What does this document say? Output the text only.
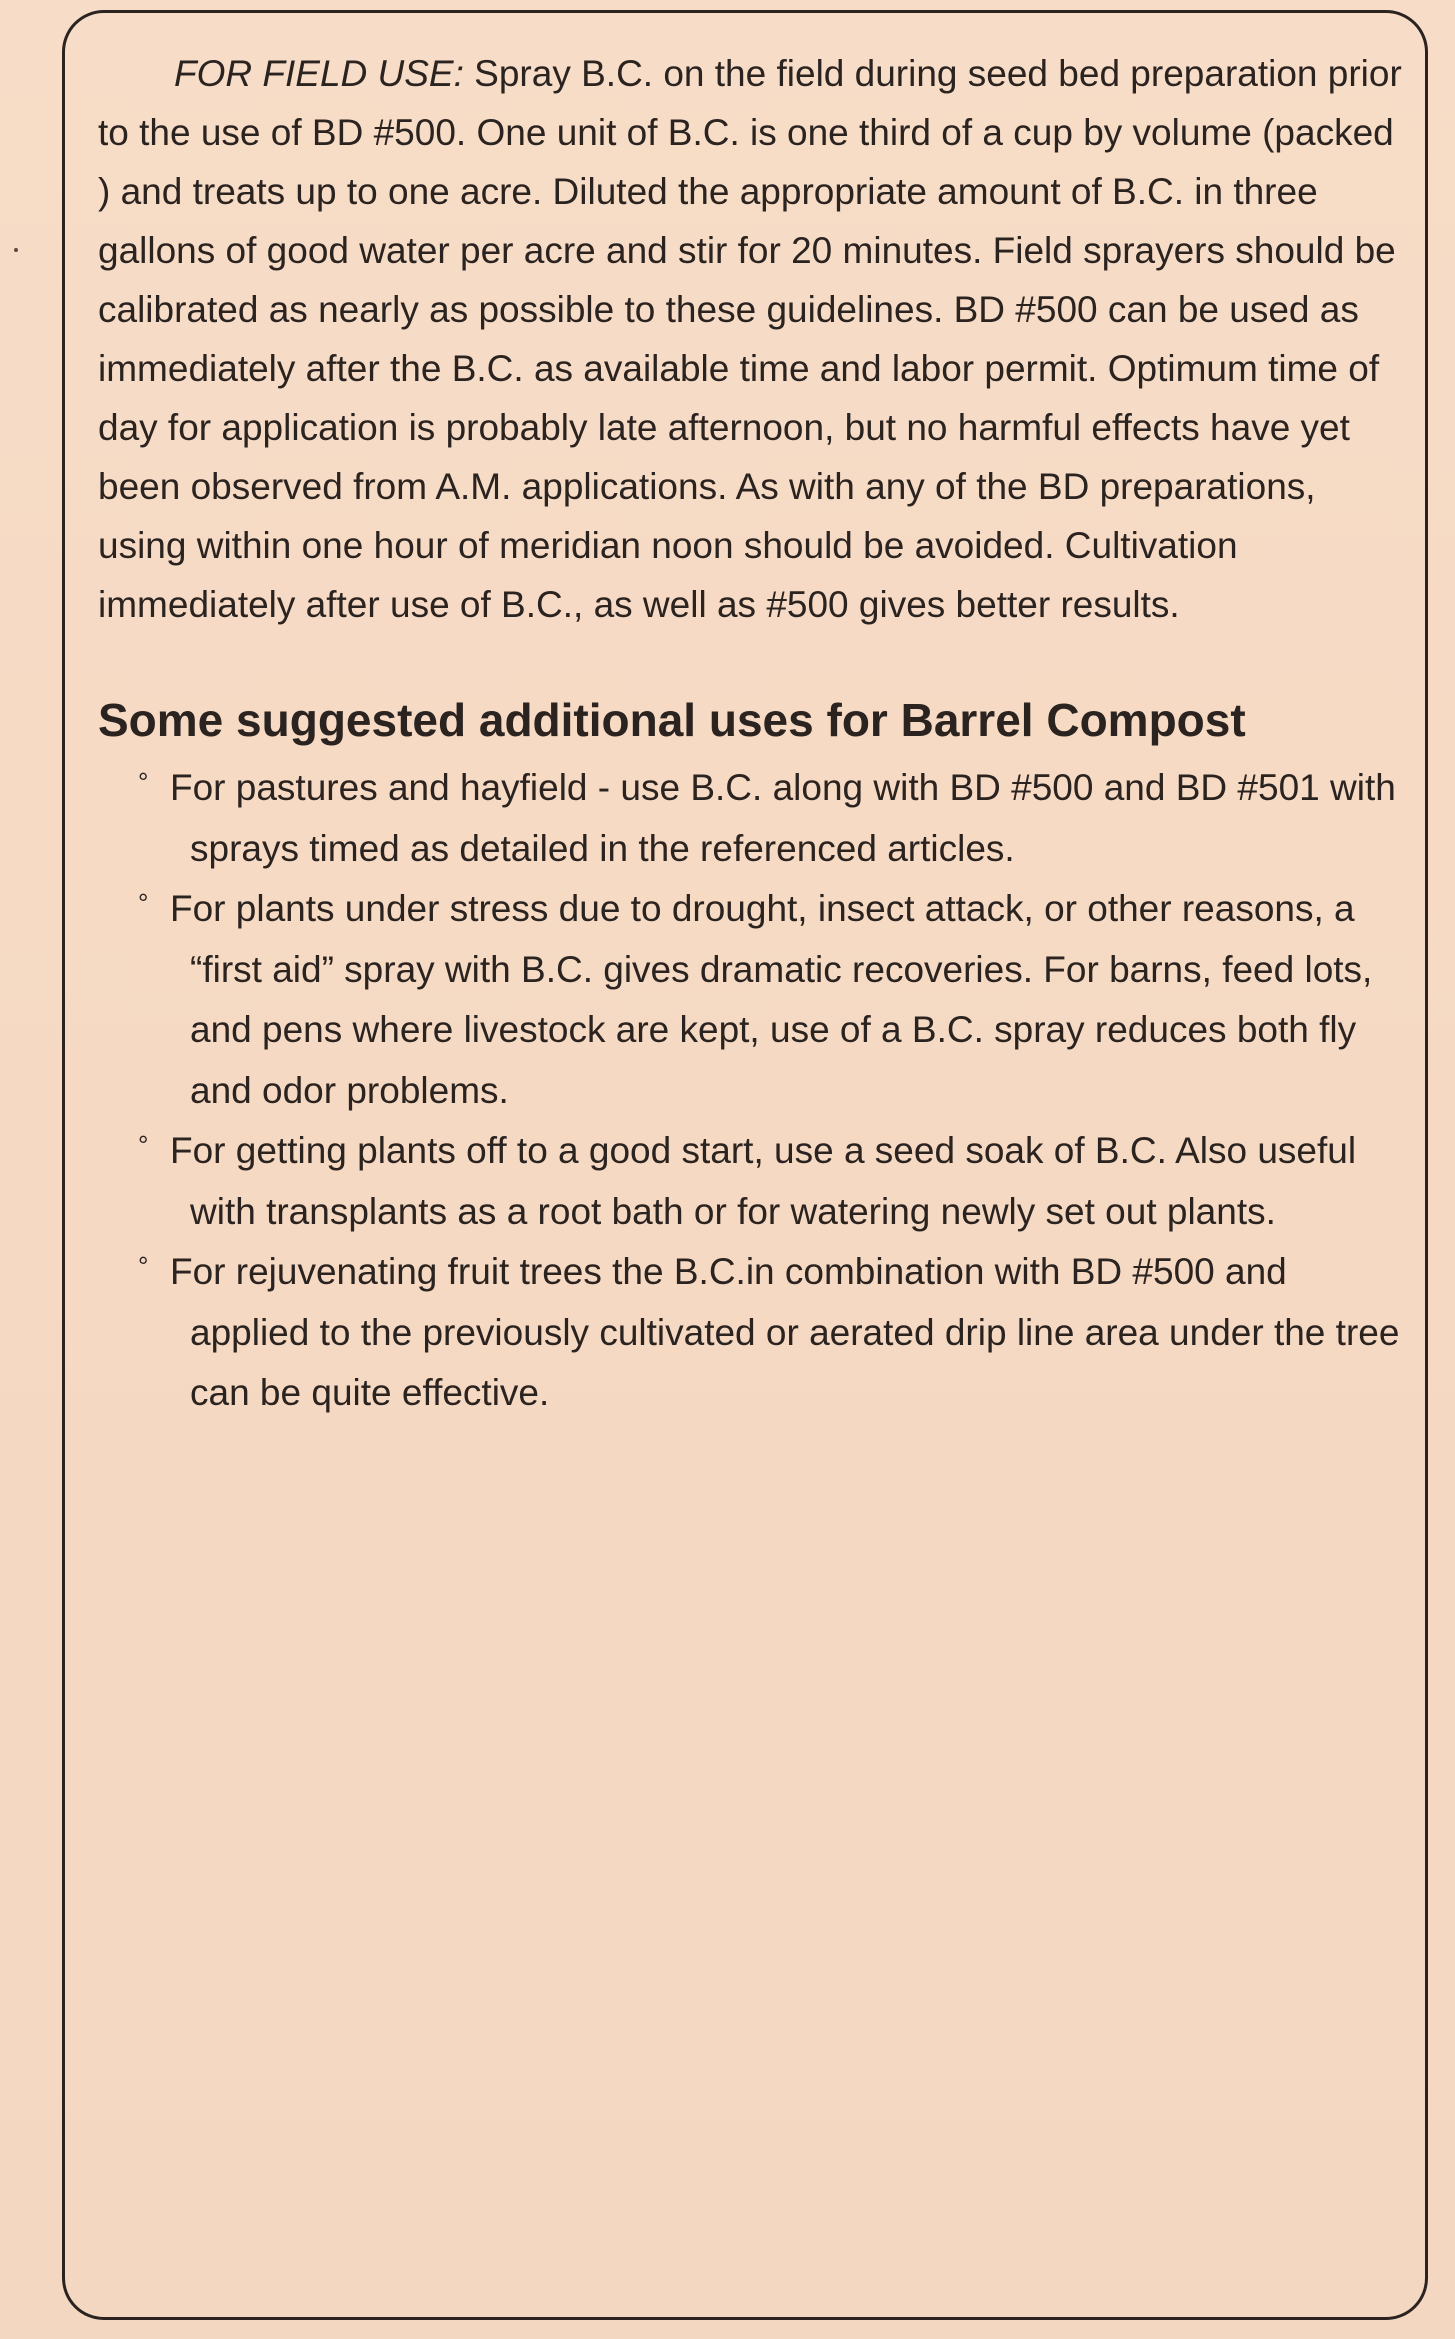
FOR FIELD USE: Spray B.C. on the field during seed bed preparation prior to the use of BD #500. One unit of B.C. is one third of a cup by volume (packed ) and treats up to one acre. Diluted the appropriate amount of B.C. in three gallons of good water per acre and stir for 20 minutes. Field sprayers should be calibrated as nearly as possible to these guidelines. BD #500 can be used as immediately after the B.C. as available time and labor permit. Optimum time of day for application is probably late afternoon, but no harmful effects have yet been observed from A.M. applications. As with any of the BD preparations, using within one hour of meridian noon should be avoided. Cultivation immediately after use of B.C., as well as #500 gives better results.

Some suggested additional uses for Barrel Compost
° For pastures and hayfield - use B.C. along with BD #500 and BD #501 with sprays timed as detailed in the referenced articles.
° For plants under stress due to drought, insect attack, or other reasons, a “first aid” spray with B.C. gives dramatic recoveries. For barns, feed lots, and pens where livestock are kept, use of a B.C. spray reduces both fly and odor problems.
° For getting plants off to a good start, use a seed soak of B.C. Also useful with transplants as a root bath or for watering newly set out plants.
° For rejuvenating fruit trees the B.C.in combination with BD #500 and applied to the previously cultivated or aerated drip line area under the tree can be quite effective.
